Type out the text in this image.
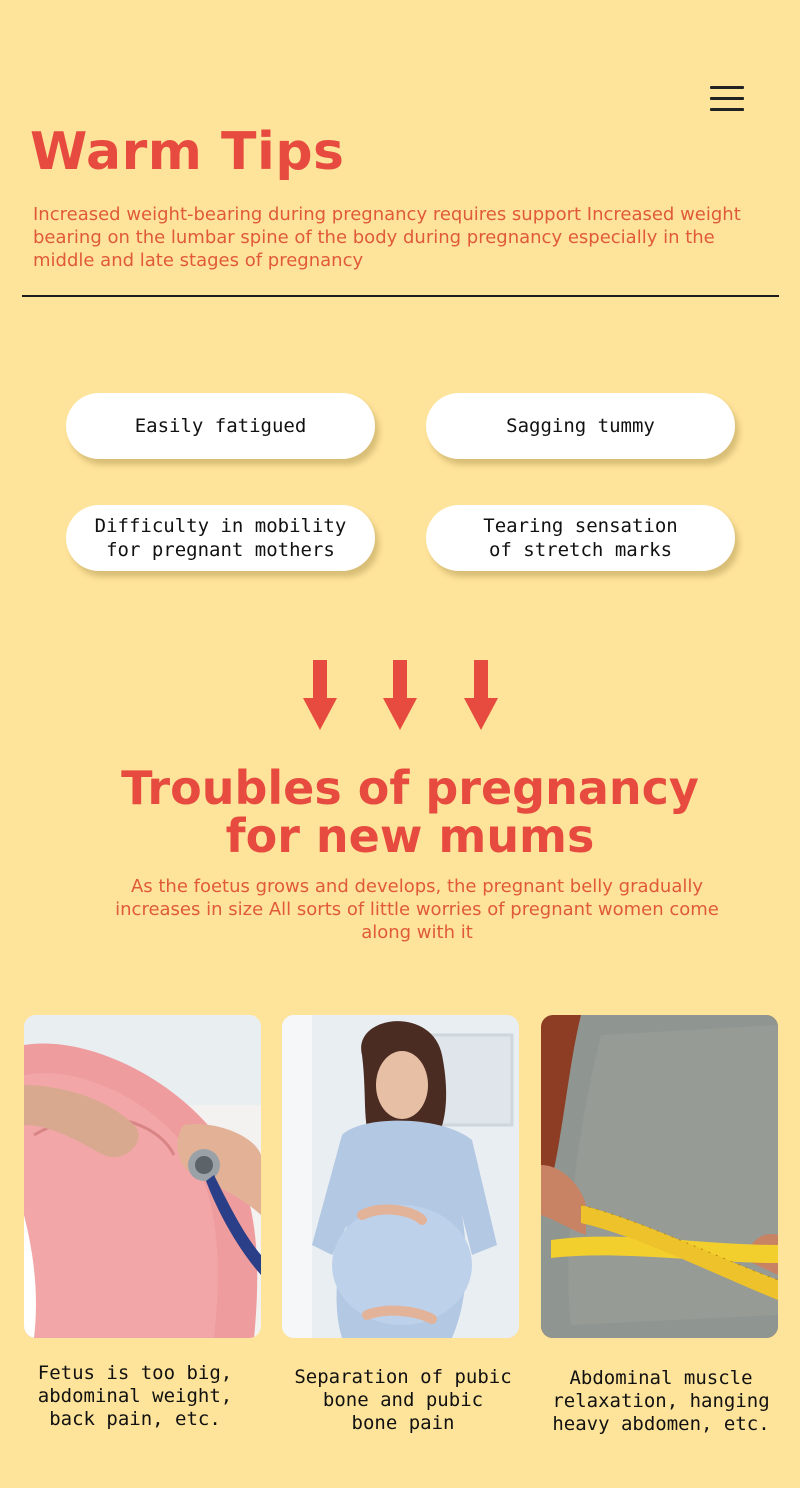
Warm Tips

Increased weight-bearing during pregnancy requires support Increased weight bearing on the lumbar spine of the body during pregnancy especially in the middle and late stages of pregnancy

Easily fatigued	Sagging tummy
Difficulty in mobility
for pregnant mothers
Tearing sensation
of stretch marks
Troubles of pregnancy
for new mums

As the foetus grows and develops, the pregnant belly gradually increases in size All sorts of little worries of pregnant women come along with it

Fetus is too big,
abdominal weight,
back pain, etc.
Separation of pubic
bone and pubic
bone pain
Abdominal muscle
relaxation, hanging
heavy abdomen, etc.
